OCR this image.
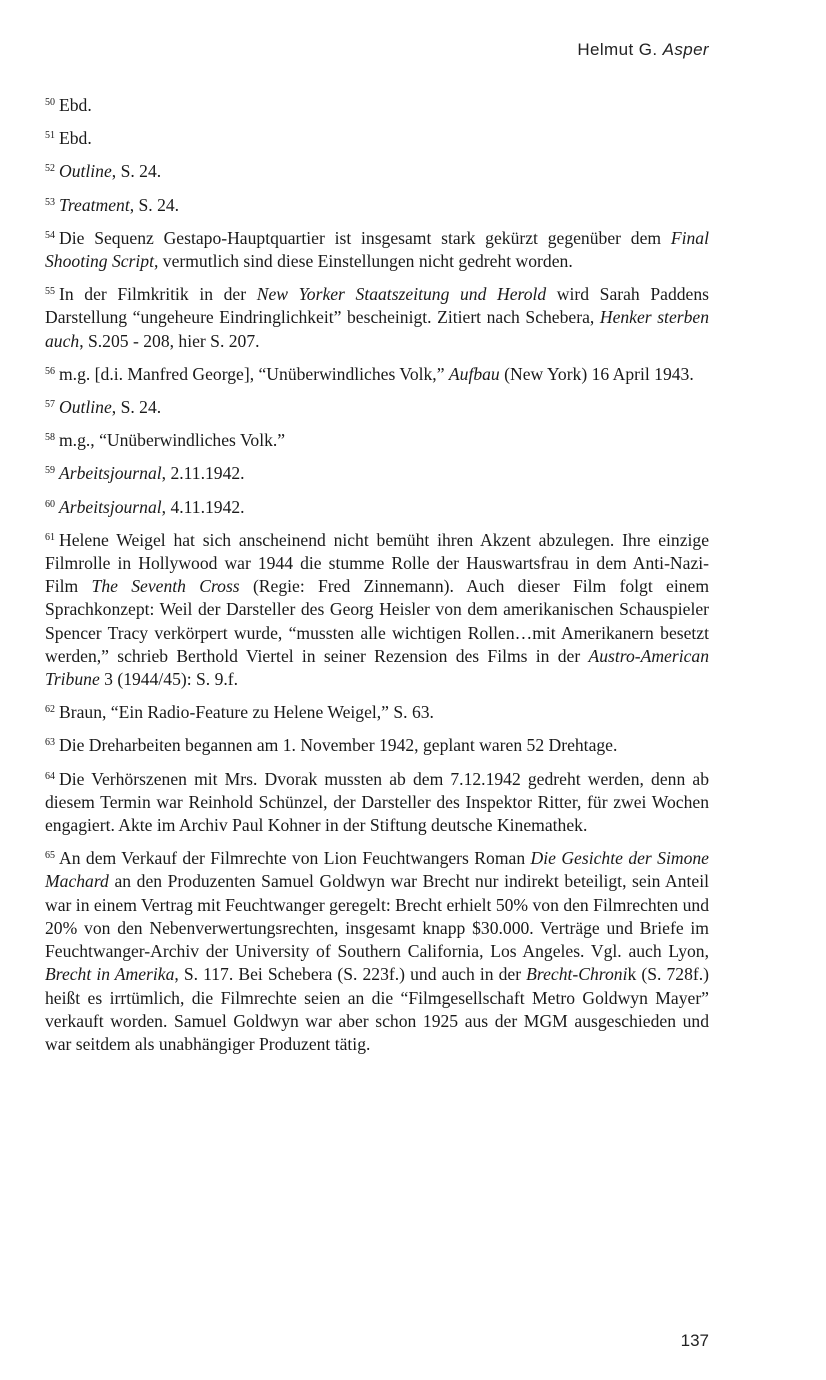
Helmut G. Asper

$^{50}$ Ebd.

$^{51}$ Ebd.

$^{52}$ Outline, S. 24.

$^{53}$ Treatment, S. 24.

$^{54}$ Die Sequenz Gestapo-Hauptquartier ist insgesamt stark gekürzt gegenüber dem Final Shooting Script, vermutlich sind diese Einstellungen nicht gedreht worden.

$^{55}$ In der Filmkritik in der New Yorker Staatszeitung und Herold wird Sarah Paddens Darstellung “ungeheure Eindringlichkeit” bescheinigt. Zitiert nach Schebera, Henker sterben auch, S.205 - 208, hier S. 207.

$^{56}$ m.g. [d.i. Manfred George], “Unüberwindliches Volk,” Aufbau (New York) 16 April 1943.

$^{57}$ Outline, S. 24.

$^{58}$ m.g., “Unüberwindliches Volk.”

$^{59}$ Arbeitsjournal, 2.11.1942.

$^{60}$ Arbeitsjournal, 4.11.1942.

$^{61}$ Helene Weigel hat sich anscheinend nicht bemüht ihren Akzent abzulegen. Ihre einzige Filmrolle in Hollywood war 1944 die stumme Rolle der Hauswartsfrau in dem Anti-Nazi-Film The Seventh Cross (Regie: Fred Zinnemann). Auch dieser Film folgt einem Sprachkonzept: Weil der Darsteller des Georg Heisler von dem amerikanischen Schauspieler Spencer Tracy verkörpert wurde, “mussten alle wichtigen Rollen…mit Amerikanern besetzt werden,” schrieb Berthold Viertel in seiner Rezension des Films in der Austro-American Tribune 3 (1944/45): S. 9.f.

$^{62}$ Braun, “Ein Radio-Feature zu Helene Weigel,” S. 63.

$^{63}$ Die Dreharbeiten begannen am 1. November 1942, geplant waren 52 Drehtage.

$^{64}$ Die Verhörszenen mit Mrs. Dvorak mussten ab dem 7.12.1942 gedreht werden, denn ab diesem Termin war Reinhold Schünzel, der Darsteller des Inspektor Ritter, für zwei Wochen engagiert. Akte im Archiv Paul Kohner in der Stiftung deutsche Kinemathek.

$^{65}$ An dem Verkauf der Filmrechte von Lion Feuchtwangers Roman Die Gesichte der Simone Machard an den Produzenten Samuel Goldwyn war Brecht nur indirekt beteiligt, sein Anteil war in einem Vertrag mit Feuchtwanger geregelt: Brecht erhielt 50% von den Filmrechten und 20% von den Nebenverwertungsrechten, insgesamt knapp $30.000. Verträge und Briefe im Feuchtwanger-Archiv der University of Southern California, Los Angeles. Vgl. auch Lyon, Brecht in Amerika, S. 117. Bei Schebera (S. 223f.) und auch in der Brecht-Chronik (S. 728f.) heißt es irrtümlich, die Filmrechte seien an die “Filmgesellschaft Metro Goldwyn Mayer” verkauft worden. Samuel Goldwyn war aber schon 1925 aus der MGM ausgeschieden und war seitdem als unabhängiger Produzent tätig.

137
